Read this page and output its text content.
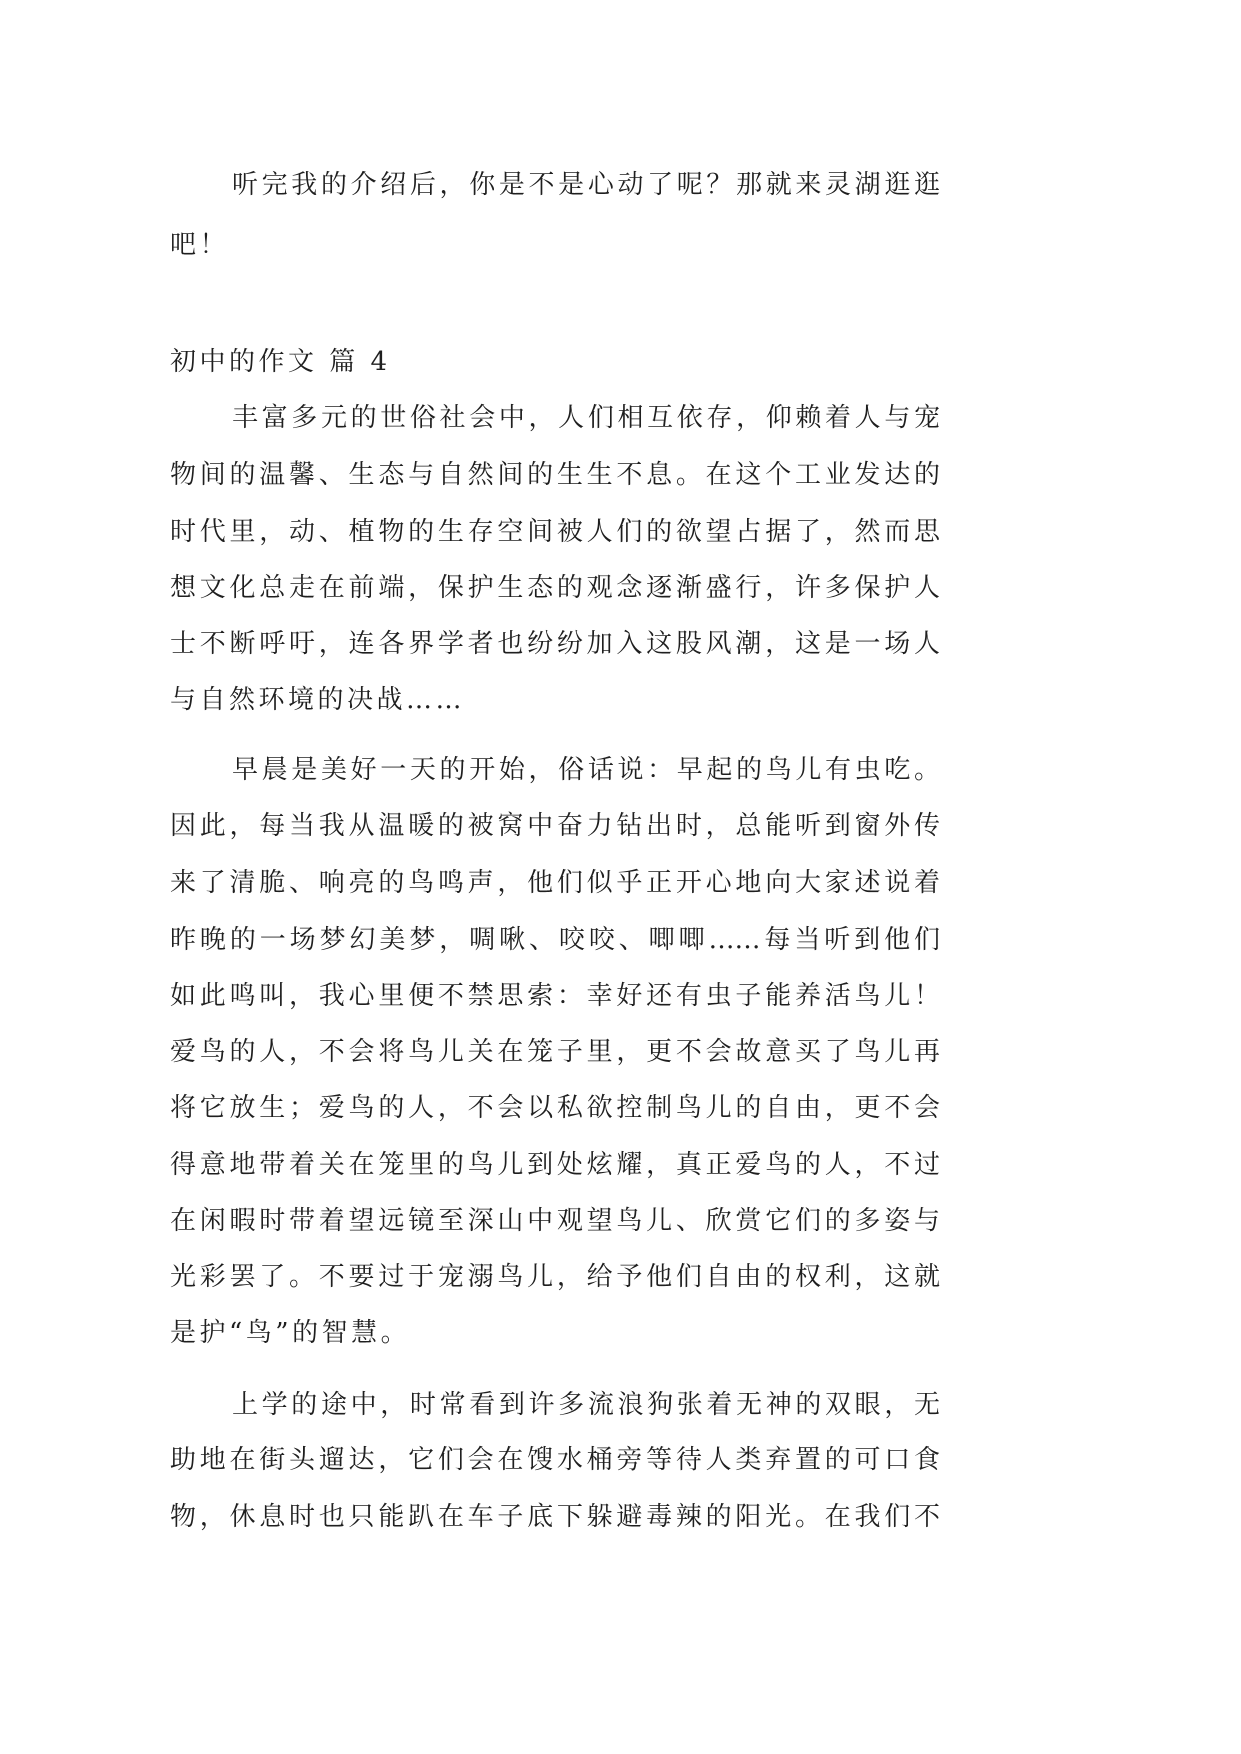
听完我的介绍后，你是不是心动了呢？那就来灵湖逛逛
吧！
初中的作文 篇 4
丰富多元的世俗社会中，人们相互依存，仰赖着人与宠
物间的温馨、生态与自然间的生生不息。在这个工业发达的
时代里，动、植物的生存空间被人们的欲望占据了，然而思
想文化总走在前端，保护生态的观念逐渐盛行，许多保护人
士不断呼吁，连各界学者也纷纷加入这股风潮，这是一场人
与自然环境的决战……
早晨是美好一天的开始，俗话说：早起的鸟儿有虫吃。
因此，每当我从温暖的被窝中奋力钻出时，总能听到窗外传
来了清脆、响亮的鸟鸣声，他们似乎正开心地向大家述说着
昨晚的一场梦幻美梦，啁啾、咬咬、唧唧……每当听到他们
如此鸣叫，我心里便不禁思索：幸好还有虫子能养活鸟儿！
爱鸟的人，不会将鸟儿关在笼子里，更不会故意买了鸟儿再
将它放生；爱鸟的人，不会以私欲控制鸟儿的自由，更不会
得意地带着关在笼里的鸟儿到处炫耀，真正爱鸟的人，不过
在闲暇时带着望远镜至深山中观望鸟儿、欣赏它们的多姿与
光彩罢了。不要过于宠溺鸟儿，给予他们自由的权利，这就
是护“鸟”的智慧。
上学的途中，时常看到许多流浪狗张着无神的双眼，无
助地在街头遛达，它们会在馊水桶旁等待人类弃置的可口食
物，休息时也只能趴在车子底下躲避毒辣的阳光。在我们不
